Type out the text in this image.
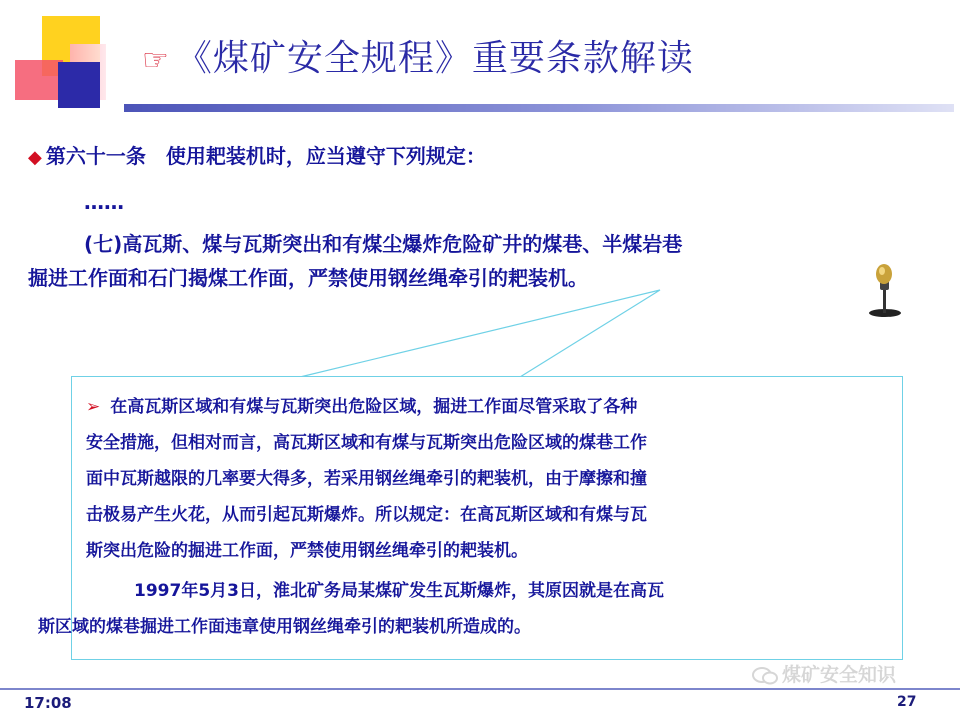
☞ 《煤矿安全规程》重要条款解读
◆ 第六十一条　使用耙装机时，应当遵守下列规定：
……
(七)高瓦斯、煤与瓦斯突出和有煤尘爆炸危险矿井的煤巷、半煤岩巷
掘进工作面和石门揭煤工作面，严禁使用钢丝绳牵引的耙装机。

➢ 在高瓦斯区域和有煤与瓦斯突出危险区域，掘进工作面尽管采取了各种
安全措施，但相对而言，高瓦斯区域和有煤与瓦斯突出危险区域的煤巷工作
面中瓦斯越限的几率要大得多，若采用钢丝绳牵引的耙装机，由于摩擦和撞
击极易产生火花，从而引起瓦斯爆炸。所以规定：在高瓦斯区域和有煤与瓦
斯突出危险的掘进工作面，严禁使用钢丝绳牵引的耙装机。

1997年5月3日，淮北矿务局某煤矿发生瓦斯爆炸，其原因就是在高瓦
斯区域的煤巷掘进工作面违章使用钢丝绳牵引的耙装机所造成的。

煤矿安全知识
17:08	27
